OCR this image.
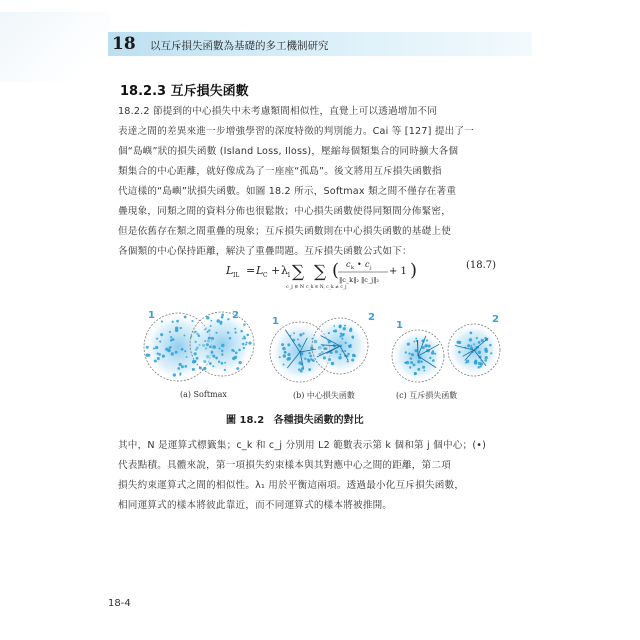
18 以互斥損失函數為基礎的多工機制研究
18.2.3 互斥損失函數
18.2.2 節提到的中心損失中未考慮類間相似性，直覺上可以透過增加不同
表達之間的差異來進一步增強學習的深度特徵的判別能力。Cai 等 [127] 提出了一
個“島嶼”狀的損失函數 (Island Loss, Iloss)，壓縮每個類集合的同時擴大各個
類集合的中心距離，就好像成為了一座座“孤島”。後文將用互斥損失函數指
代這樣的“島嶼”狀損失函數。如圖 18.2 所示，Softmax 類之間不僅存在著重
疊現象，同類之間的資料分佈也很鬆散；中心損失函數使得同類間分佈緊密，
但是依舊存在類之間重疊的現象；互斥損失函數則在中心損失函數的基礎上使
各個類的中心保持距離，解決了重疊問題。互斥損失函數公式如下：
L IL = L C + λ 1 ∑
c_j ∈ N
∑
c_k ∈ N, c_k ≠ c_j
( c k • c j
‖c_k‖₂ ‖c_j‖₂
+ 1 )	(18.7)
1	2
1	2
1
2
(a) Softmax	(b) 中心損失函數	(c) 互斥損失函數
圖 18.2 各種損失函數的對比
其中，N 是運算式標籤集；c_k 和 c_j 分別用 L2 範數表示第 k 個和第 j 個中心；(•)
代表點積。具體來說，第一項損失約束樣本與其對應中心之間的距離，第二項
損失約束運算式之間的相似性。λ₁ 用於平衡這兩項。透過最小化互斥損失函數，
相同運算式的樣本將彼此靠近，而不同運算式的樣本將被推開。
18-4
